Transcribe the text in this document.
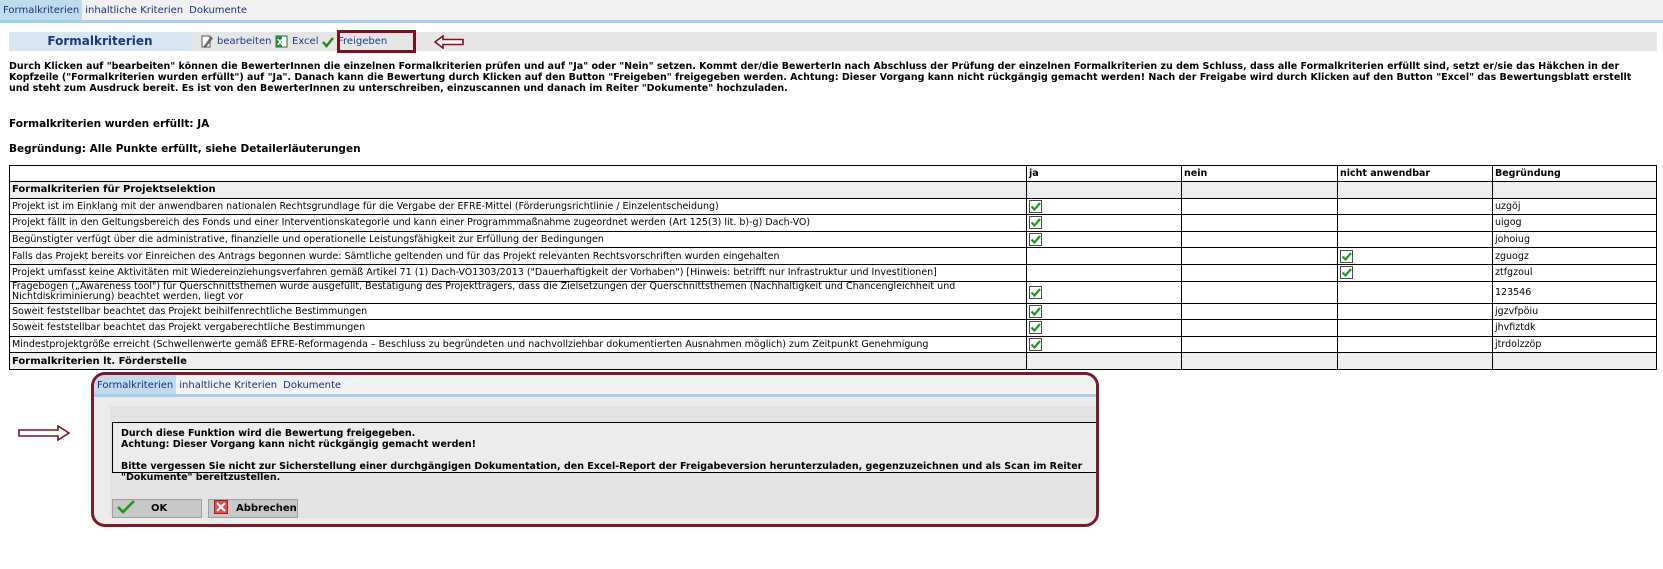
Formalkriterien inhaltliche Kriterien Dokumente
Formalkriterien	bearbeiten X Excel Freigeben
Durch Klicken auf "bearbeiten" können die BewerterInnen die einzelnen Formalkriterien prüfen und auf "Ja" oder "Nein" setzen. Kommt der/die BewerterIn nach Abschluss der Prüfung der einzelnen Formalkriterien zu dem Schluss, dass alle Formalkriterien erfüllt sind, setzt er/sie das Häkchen in der Kopfzeile ("Formalkriterien wurden erfüllt") auf "Ja". Danach kann die Bewertung durch Klicken auf den Button "Freigeben" freigegeben werden. Achtung: Dieser Vorgang kann nicht rückgängig gemacht werden! Nach der Freigabe wird durch Klicken auf den Button "Excel" das Bewertungsblatt erstellt und steht zum Ausdruck bereit. Es ist von den BewerterInnen zu unterschreiben, einzuscannen und danach im Reiter "Dokumente" hochzuladen.
Formalkriterien wurden erfüllt: JA
Begründung: Alle Punkte erfüllt, siehe Detailerläuterungen
	ja	nein	nicht anwendbar	Begründung
Formalkriterien für Projektselektion				
Projekt ist im Einklang mit der anwendbaren nationalen Rechtsgrundlage für die Vergabe der EFRE-Mittel (Förderungsrichtlinie / Einzelentscheidung)				uzgöj
Projekt fällt in den Geltungsbereich des Fonds und einer Interventionskategorie und kann einer Programmmaßnahme zugeordnet werden (Art 125(3) lit. b)-g) Dach-VO)				uigog
Begünstigter verfügt über die administrative, finanzielle und operationelle Leistungsfähigkeit zur Erfüllung der Bedingungen				johoiug
Falls das Projekt bereits vor Einreichen des Antrags begonnen wurde: Sämtliche geltenden und für das Projekt relevanten Rechtsvorschriften wurden eingehalten				zguogz
Projekt umfasst keine Aktivitäten mit Wiedereinziehungsverfahren gemäß Artikel 71 (1) Dach-VO1303/2013 ("Dauerhaftigkeit der Vorhaben") [Hinweis: betrifft nur Infrastruktur und Investitionen]				ztfgzoul
Fragebogen („Awareness tool") für Querschnittsthemen wurde ausgefüllt, Bestätigung des Projektträgers, dass die Zielsetzungen der Querschnittsthemen (Nachhaltigkeit und Chancengleichheit und Nichtdiskriminierung) beachtet werden, liegt vor				123546
Soweit feststellbar beachtet das Projekt beihilfenrechtliche Bestimmungen				jgzvfpöiu
Soweit feststellbar beachtet das Projekt vergaberechtliche Bestimmungen				jhvfiztdk
Mindestprojektgröße erreicht (Schwellenwerte gemäß EFRE-Reformagenda – Beschluss zu begründeten und nachvollziehbar dokumentierten Ausnahmen möglich) zum Zeitpunkt Genehmigung				jtrdolzzöp
Formalkriterien lt. Förderstelle				
Formalkriterien inhaltliche Kriterien Dokumente
Durch diese Funktion wird die Bewertung freigegeben.
Achtung: Dieser Vorgang kann nicht rückgängig gemacht werden!
Bitte vergessen Sie nicht zur Sicherstellung einer durchgängigen Dokumentation, den Excel-Report der Freigabeversion herunterzuladen, gegenzuzeichnen und als Scan im Reiter "Dokumente" bereitzustellen.
OK	Abbrechen
